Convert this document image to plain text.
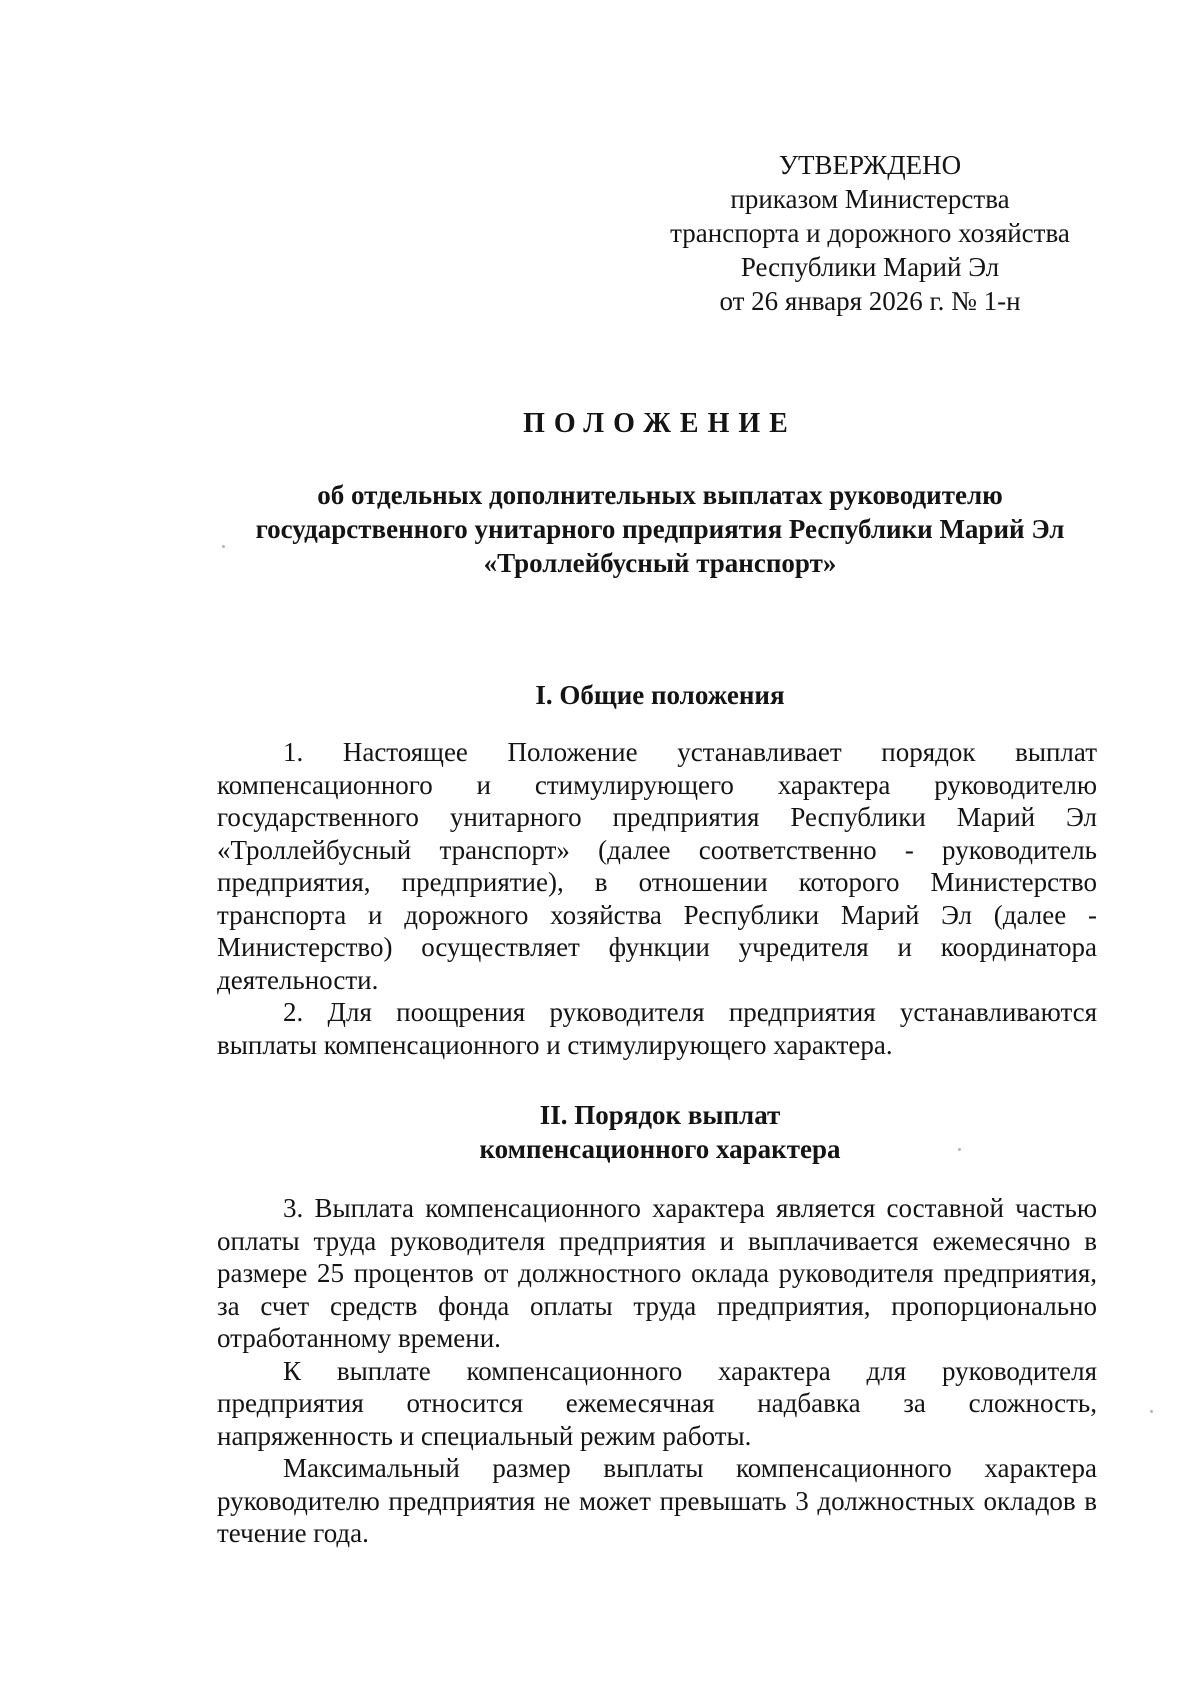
УТВЕРЖДЕНО
приказом Министерства
транспорта и дорожного хозяйства
Республики Марий Эл
от 26 января 2026 г. № 1-н
ПОЛОЖЕНИЕ
об отдельных дополнительных выплатах руководителю
государственного унитарного предприятия Республики Марий Эл
«Троллейбусный транспорт»
I. Общие положения

1. Настоящее Положение устанавливает порядок выплат компенсационного и стимулирующего характера руководителю государственного унитарного предприятия Республики Марий Эл «Троллейбусный транспорт» (далее соответственно - руководитель предприятия, предприятие), в отношении которого Министерство транспорта и дорожного хозяйства Республики Марий Эл (далее - Министерство) осуществляет функции учредителя и координатора деятельности.

2. Для поощрения руководителя предприятия устанавливаются выплаты компенсационного и стимулирующего характера.

II. Порядок выплат
компенсационного характера

3. Выплата компенсационного характера является составной частью оплаты труда руководителя предприятия и выплачивается ежемесячно в размере 25 процентов от должностного оклада руководителя предприятия, за счет средств фонда оплаты труда предприятия, пропорционально отработанному времени.

К выплате компенсационного характера для руководителя предприятия относится ежемесячная надбавка за сложность, напряженность и специальный режим работы.

Максимальный размер выплаты компенсационного характера руководителю предприятия не может превышать 3 должностных окладов в течение года.
